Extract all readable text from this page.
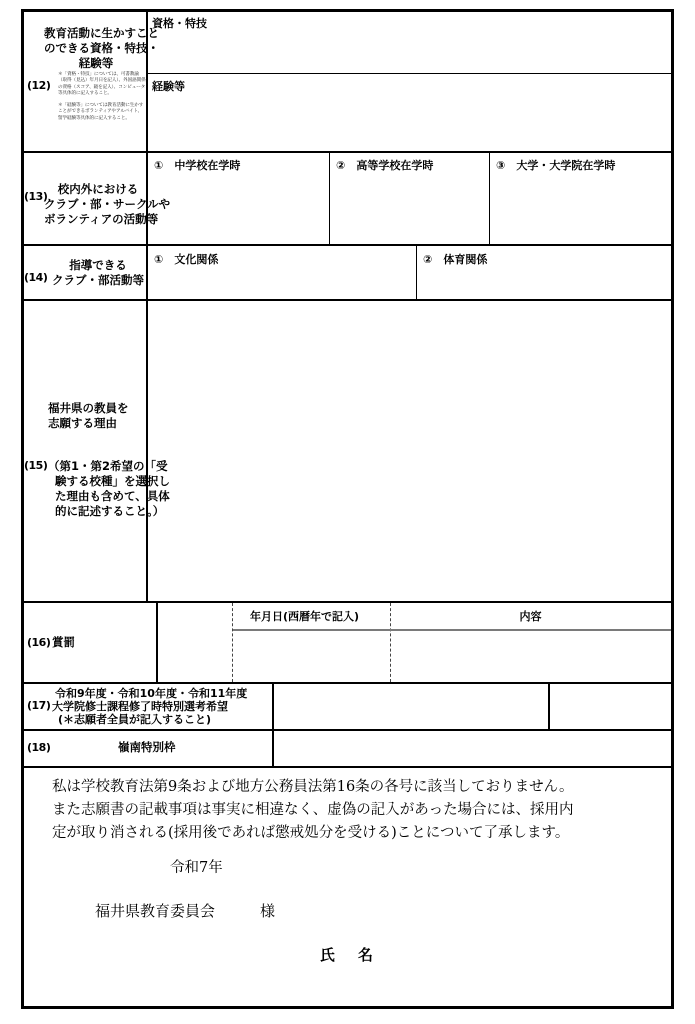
(12)
教育活動に生かすこと
のできる資格・特技・
経験等
＊「資格・特技」については、可書教諭（取得（見込）年月日を記入）、外国語関係の資格（スコア、級を記入）、コンピュータ等具体的に記入すること。
＊「経験等」については教育活動に生かすことができるボランティアやアルバイト、留学経験等具体的に記入すること。
資格・特技
経験等
(13)
校内外における
クラブ・部・サークルや
ボランティアの活動等
①　中学校在学時	②　高等学校在学時	③　大学・大学院在学時
(14)
指導できる
クラブ・部活動等
①　文化関係	②　体育関係
(15)
福井県の教員を
志願する理由
（第1・第2希望の「受
験する校種」を選択し
た理由も含めて、具体
的に記述すること。）
(16) 賞罰
年月日(西暦年で記入)	内容
(17)
令和9年度・令和10年度・令和11年度
大学院修士課程修了時特別選考希望
(＊志願者全員が記入すること)
(18)	嶺南特別枠
私は学校教育法第9条および地方公務員法第16条の各号に該当しておりません。
また志願書の記載事項は事実に相違なく、虚偽の記入があった場合には、採用内
定が取り消される(採用後であれば懲戒処分を受ける)ことについて了承します。
令和7年
福井県教育委員会　　　様
氏　名
